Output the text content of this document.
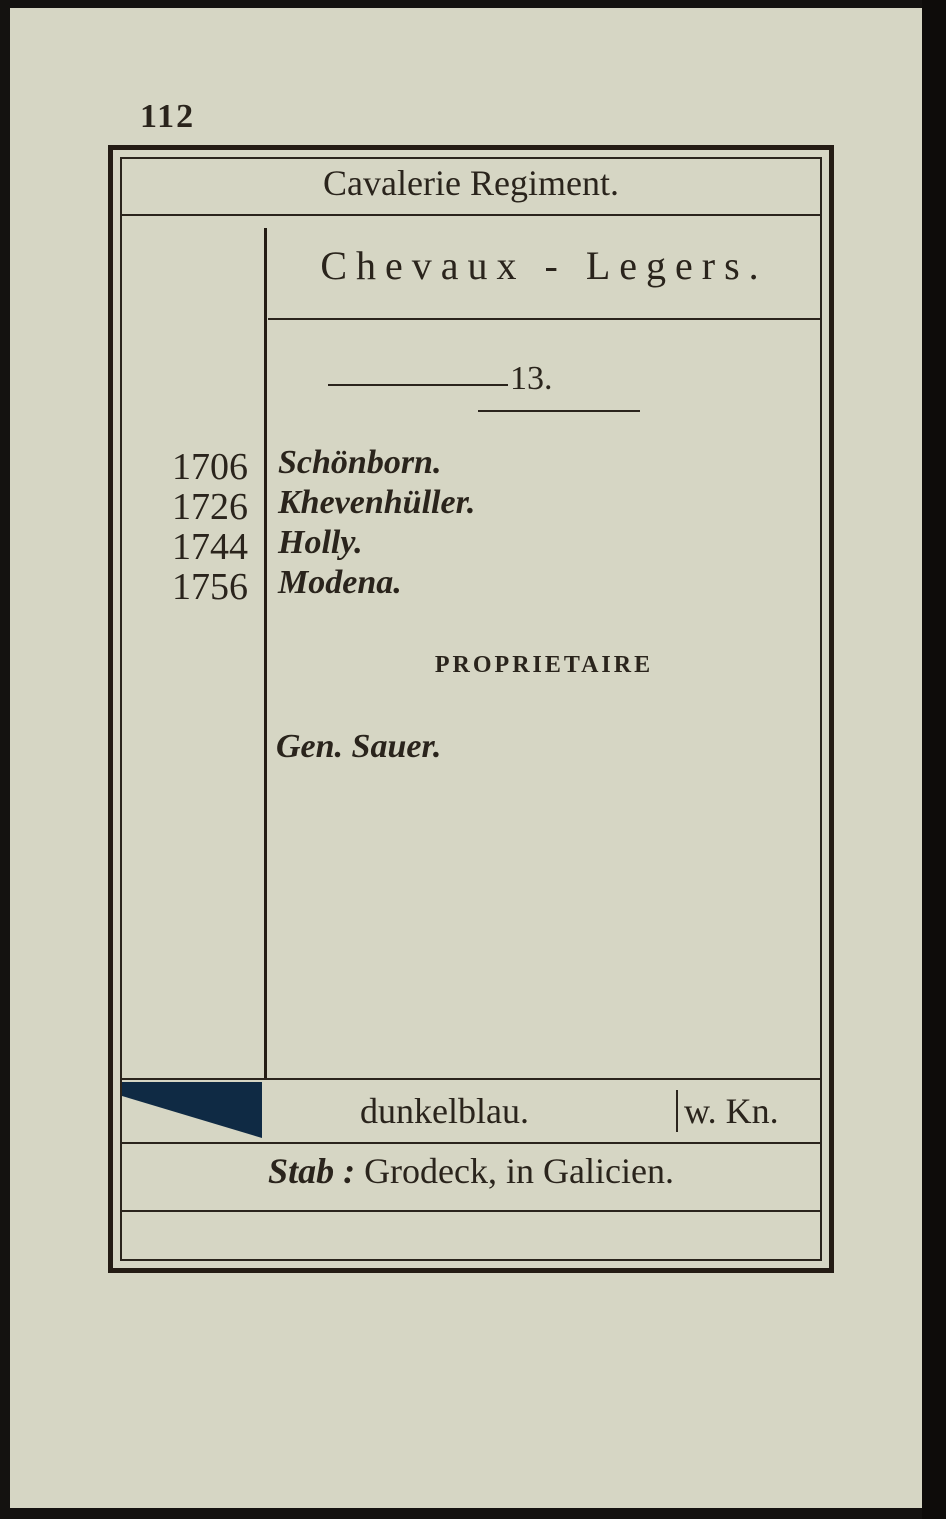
112
Cavalerie Regiment.
Chevaux - Legers.
13.
1706
1726
1744
1756
Schönborn.
Khevenhüller.
Holly.
Modena.
PROPRIETAIRE
Gen. Sauer.
dunkelblau.	w. Kn.
Stab : Grodeck, in Galicien.
